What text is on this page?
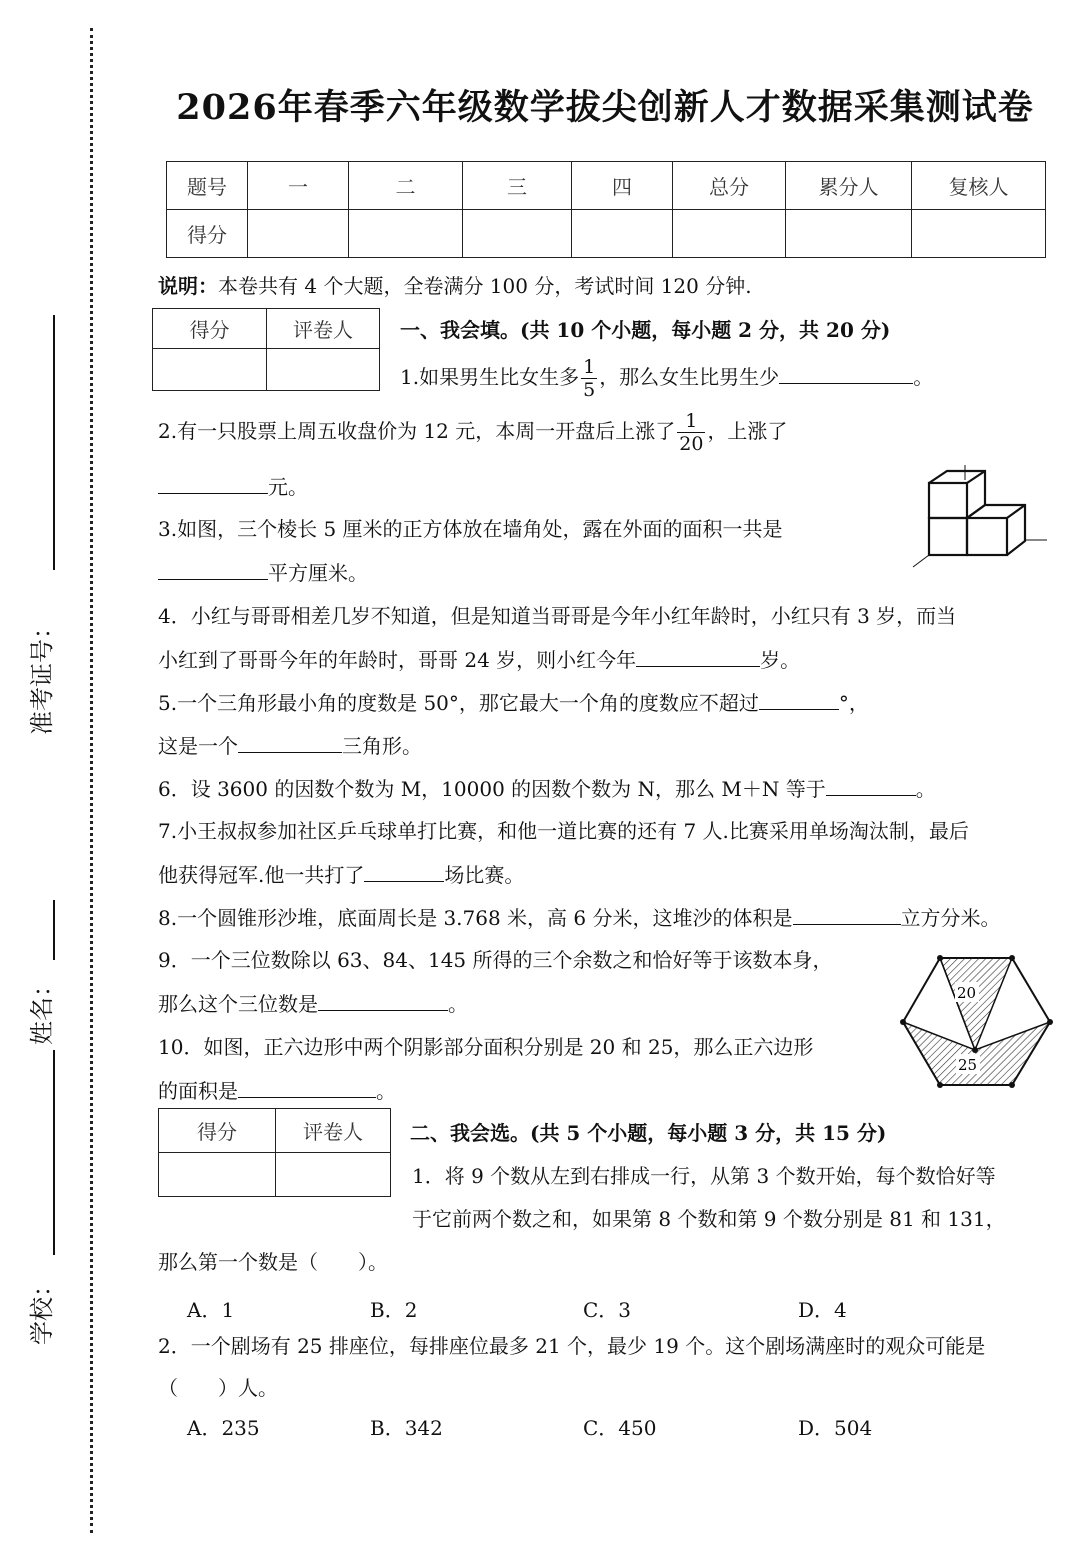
准考证号：
姓名：
学校：
2026年春季六年级数学拔尖创新人才数据采集测试卷
题号	一	二	三	四	总分	累分人	复核人
得分							
说明：本卷共有 4 个大题，全卷满分 100 分，考试时间 120 分钟.
得分	评卷人
	一、我会填。(共 10 个小题，每小题 2 分，共 20 分)
1.如果男生比女生多 $\frac{1}{5}$ ，那么女生比男生少	。
2.有一只股票上周五收盘价为 12 元，本周一开盘后上涨了 $\frac{1}{20}$ ，上涨了
元。
3.如图，三个棱长 5 厘米的正方体放在墙角处，露在外面的面积一共是
平方厘米。
4．小红与哥哥相差几岁不知道，但是知道当哥哥是今年小红年龄时，小红只有 3 岁，而当
小红到了哥哥今年的年龄时，哥哥 24 岁，则小红今年	岁。
5.一个三角形最小角的度数是 50°，那它最大一个角的度数应不超过	°，
这是一个	三角形。
6．设 3600 的因数个数为 M，10000 的因数个数为 N，那么 M＋N 等于	。
7.小王叔叔参加社区乒乓球单打比赛，和他一道比赛的还有 7 人.比赛采用单场淘汰制，最后
他获得冠军.他一共打了	场比赛。
8.一个圆锥形沙堆，底面周长是 3.768 米，高 6 分米，这堆沙的体积是	立方分米。
9．一个三位数除以 63、84、145 所得的三个余数之和恰好等于该数本身，
那么这个三位数是	。
10．如图，正六边形中两个阴影部分面积分别是 20 和 25，那么正六边形
的面积是	。
20
25
得分	评卷人
	二、我会选。(共 5 个小题，每小题 3 分，共 15 分)
1．将 9 个数从左到右排成一行，从第 3 个数开始，每个数恰好等
于它前两个数之和，如果第 8 个数和第 9 个数分别是 81 和 131，
那么第一个数是（　　）。
A．1	B．2	C．3	D．4
2．一个剧场有 25 排座位，每排座位最多 21 个，最少 19 个。这个剧场满座时的观众可能是
（　　）人。
A．235	B．342	C．450	D．504
